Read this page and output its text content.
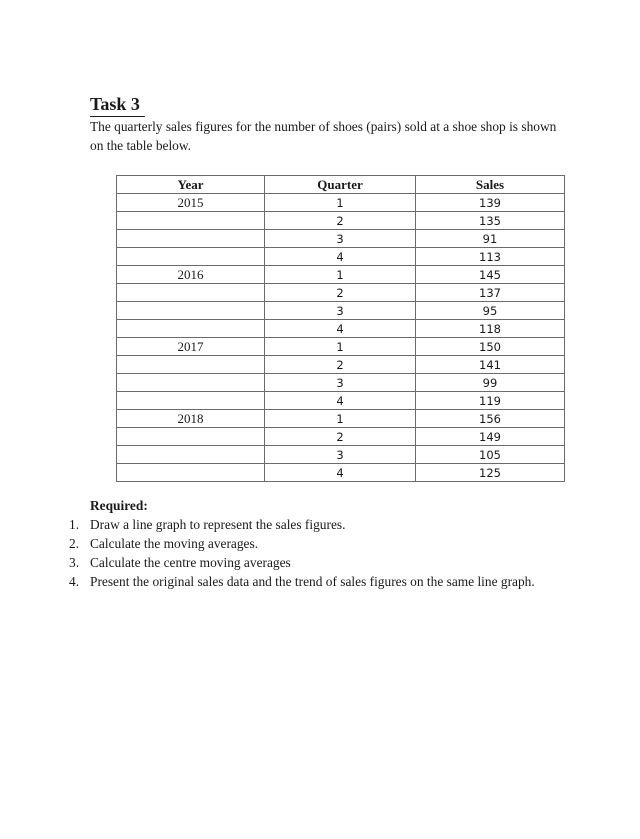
Task 3

The quarterly sales figures for the number of shoes (pairs) sold at a shoe shop is shown on the table below.

Year	Quarter	Sales
2015	1	139
	2	135
	3	91
	4	113
2016	1	145
	2	137
	3	95
	4	118
2017	1	150
	2	141
	3	99
	4	119
2018	1	156
	2	149
	3	105
	4	125

Required:

1. Draw a line graph to represent the sales figures.
2. Calculate the moving averages.
3. Calculate the centre moving averages
4. Present the original sales data and the trend of sales figures on the same line graph.
